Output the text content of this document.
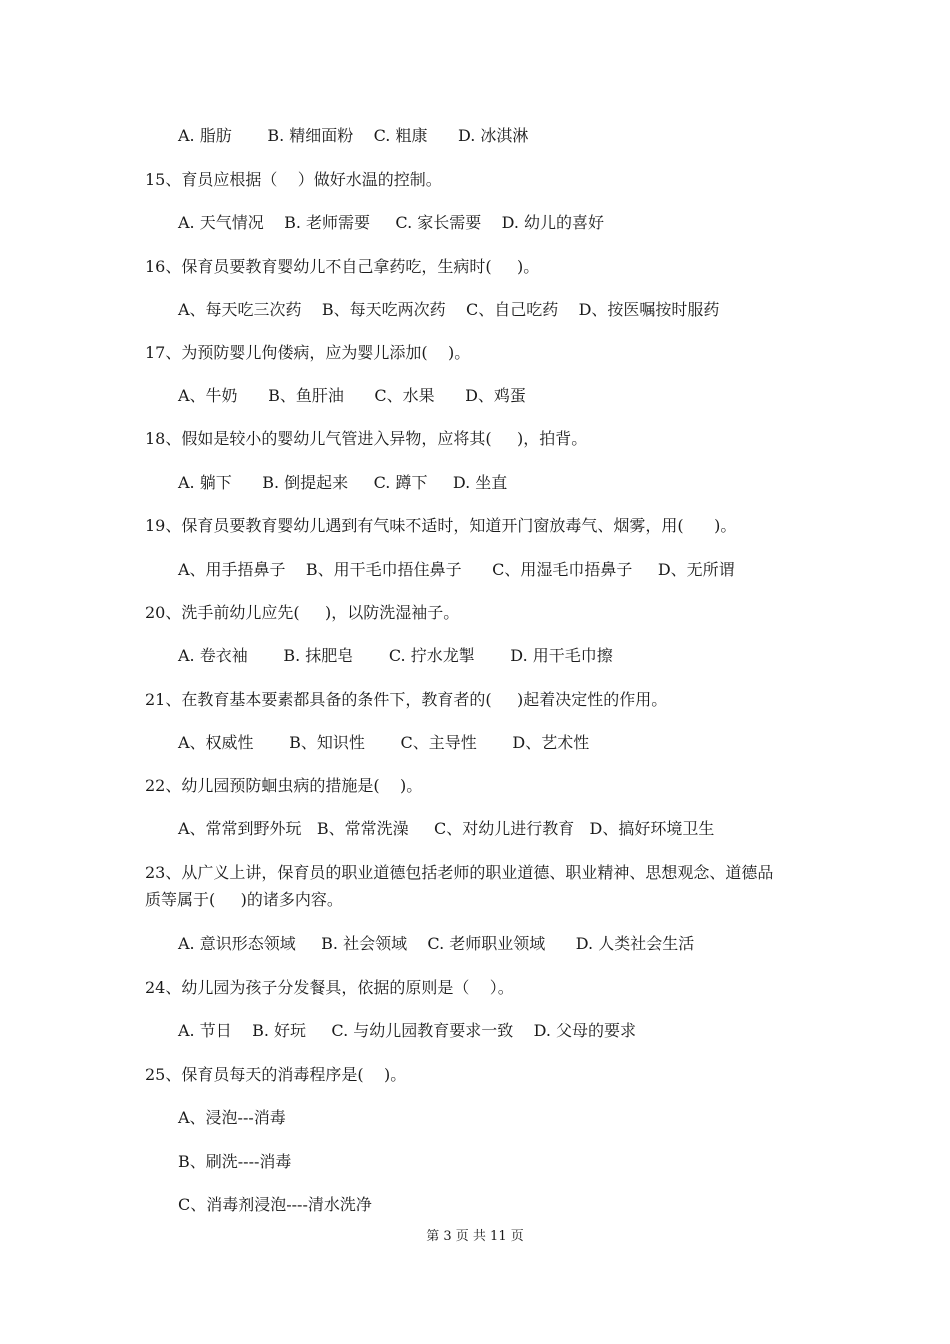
A. 脂肪       B. 精细面粉    C. 粗康      D. 冰淇淋
15、育员应根据（    ）做好水温的控制。
A. 天气情况    B. 老师需要     C. 家长需要    D. 幼儿的喜好
16、保育员要教育婴幼儿不自己拿药吃，生病时(     )。
A、每天吃三次药    B、每天吃两次药    C、自己吃药    D、按医嘱按时服药
17、为预防婴儿佝偻病，应为婴儿添加(    )。
A、牛奶      B、鱼肝油      C、水果      D、鸡蛋
18、假如是较小的婴幼儿气管进入异物，应将其(     )，拍背。
A. 躺下      B. 倒提起来     C. 蹲下     D. 坐直
19、保育员要教育婴幼儿遇到有气味不适时，知道开门窗放毒气、烟雾，用(      )。
A、用手捂鼻子    B、用干毛巾捂住鼻子      C、用湿毛巾捂鼻子     D、无所谓
20、洗手前幼儿应先(     )，以防洗湿袖子。
A. 卷衣袖       B. 抹肥皂       C. 拧水龙掣       D. 用干毛巾擦
21、在教育基本要素都具备的条件下，教育者的(     )起着决定性的作用。
A、权威性       B、知识性       C、主导性       D、艺术性
22、幼儿园预防蛔虫病的措施是(    )。
A、常常到野外玩   B、常常洗澡     C、对幼儿进行教育   D、搞好环境卫生
23、从广义上讲，保育员的职业道德包括老师的职业道德、职业精神、思想观念、道德品
质等属于(     )的诸多内容。
A. 意识形态领域     B. 社会领域    C. 老师职业领域      D. 人类社会生活
24、幼儿园为孩子分发餐具，依据的原则是（    ）。
A. 节日    B. 好玩     C. 与幼儿园教育要求一致    D. 父母的要求
25、保育员每天的消毒程序是(    )。
A、浸泡---消毒
B、刷洗----消毒
C、消毒剂浸泡----清水洗净
第 3 页 共 11 页
